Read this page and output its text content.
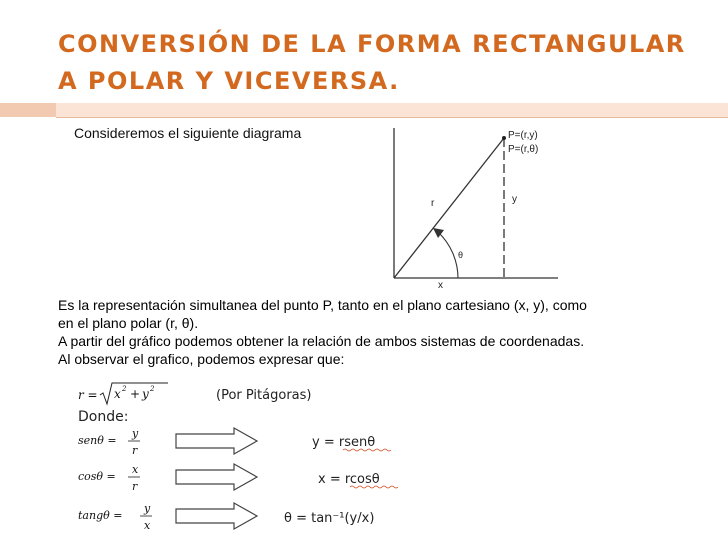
CONVERSIÓN DE LA FORMA RECTANGULAR
A POLAR Y VICEVERSA.
Consideremos el siguiente diagrama	P=(r,y)
P=(r,θ)
r	y
θ
x
Es la representación simultanea del punto P, tanto en el plano cartesiano (x, y), como
en el plano polar (r, θ).
A partir del gráfico podemos obtener la relación de ambos sistemas de coordenadas.
Al observar el grafico, podemos expresar que:
r = x 2 + y 2	(Por Pitágoras)
Donde:
senθ =
y
r
y = rsenθ
cosθ =
x
r	x = rcosθ
tangθ =
y
x	θ = tan⁻¹(y/x)
